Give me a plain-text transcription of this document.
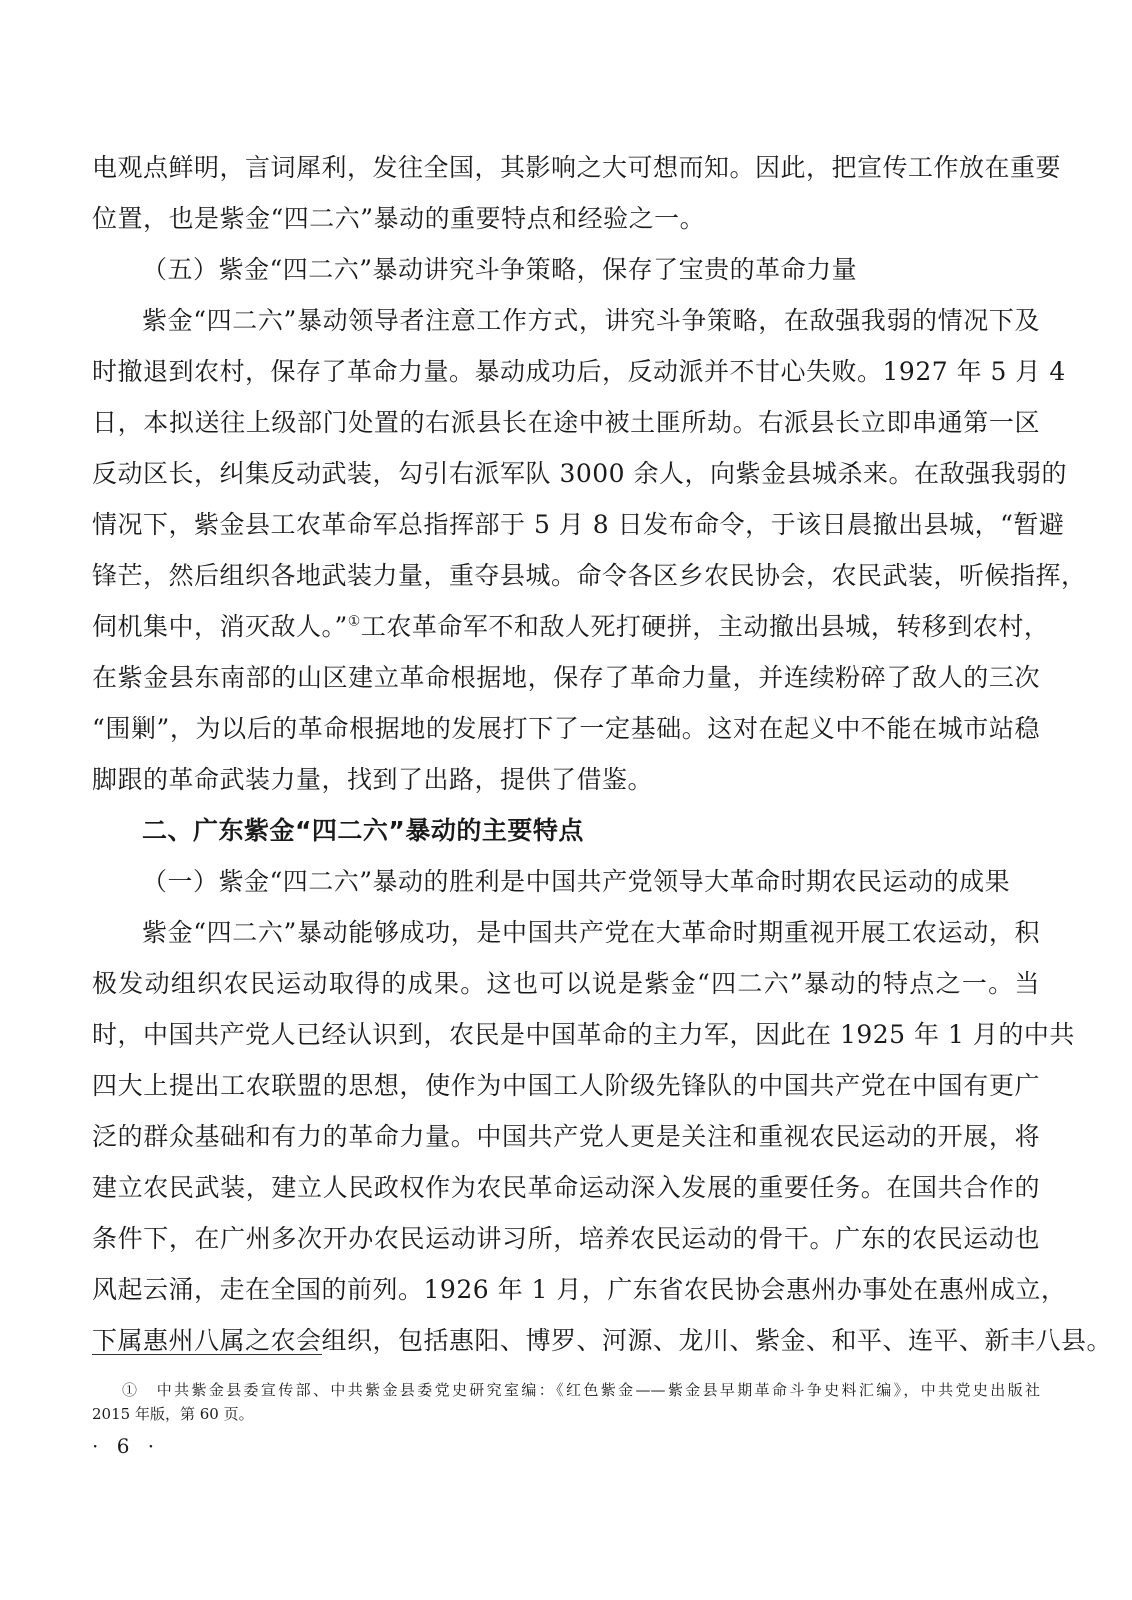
电观点鲜明，言词犀利，发往全国，其影响之大可想而知。因此，把宣传工作放在重要
位置，也是紫金“四二六”暴动的重要特点和经验之一。
（五）紫金“四二六”暴动讲究斗争策略，保存了宝贵的革命力量
紫金“四二六”暴动领导者注意工作方式，讲究斗争策略，在敌强我弱的情况下及
时撤退到农村，保存了革命力量。暴动成功后，反动派并不甘心失败。1927 年 5 月 4
日，本拟送往上级部门处置的右派县长在途中被土匪所劫。右派县长立即串通第一区
反动区长，纠集反动武装，勾引右派军队 3000 余人，向紫金县城杀来。在敌强我弱的
情况下，紫金县工农革命军总指挥部于 5 月 8 日发布命令，于该日晨撤出县城，“暂避
锋芒，然后组织各地武装力量，重夺县城。命令各区乡农民协会，农民武装，听候指挥，
伺机集中，消灭敌人。”①工农革命军不和敌人死打硬拼，主动撤出县城，转移到农村，
在紫金县东南部的山区建立革命根据地，保存了革命力量，并连续粉碎了敌人的三次
“围剿”，为以后的革命根据地的发展打下了一定基础。这对在起义中不能在城市站稳
脚跟的革命武装力量，找到了出路，提供了借鉴。
二、广东紫金“四二六”暴动的主要特点
（一）紫金“四二六”暴动的胜利是中国共产党领导大革命时期农民运动的成果
紫金“四二六”暴动能够成功，是中国共产党在大革命时期重视开展工农运动，积
极发动组织农民运动取得的成果。这也可以说是紫金“四二六”暴动的特点之一。当
时，中国共产党人已经认识到，农民是中国革命的主力军，因此在 1925 年 1 月的中共
四大上提出工农联盟的思想，使作为中国工人阶级先锋队的中国共产党在中国有更广
泛的群众基础和有力的革命力量。中国共产党人更是关注和重视农民运动的开展，将
建立农民武装，建立人民政权作为农民革命运动深入发展的重要任务。在国共合作的
条件下，在广州多次开办农民运动讲习所，培养农民运动的骨干。广东的农民运动也
风起云涌，走在全国的前列。1926 年 1 月，广东省农民协会惠州办事处在惠州成立，
下属惠州八属之农会组织，包括惠阳、博罗、河源、龙川、紫金、和平、连平、新丰八县。
①　中共紫金县委宣传部、中共紫金县委党史研究室编：《红色紫金——紫金县早期革命斗争史料汇编》，中共党史出版社
2015 年版，第 60 页。
· 6 ·
